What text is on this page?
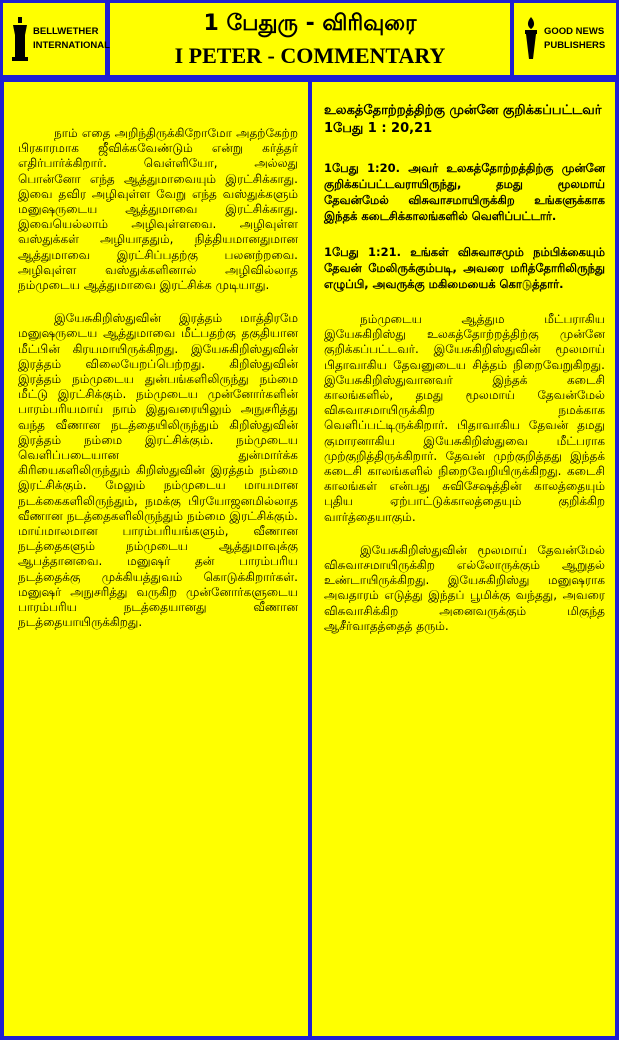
BELLWETHER
INTERNATIONAL
1 பேதுரு - விரிவுரை
I PETER - COMMENTARY
GOOD NEWS
PUBLISHERS

நாம் எதை அறிந்திருக்கிறோமோ அதற்கேற்ற பிரகாரமாக ஜீவிக்கவேண்டும் என்று கர்த்தர் எதிர்பார்க்கிறார். வெள்ளியோ, அல்லது பொன்னோ எந்த ஆத்துமாவையும் இரட்சிக்காது. இவை தவிர அழிவுள்ள வேறு எந்த வஸ்துக்களும் மனுஷருடைய ஆத்துமாவை இரட்சிக்காது. இவையெல்லாம் அழிவுள்ளவை. அழிவுள்ள வஸ்துக்கள் அழியாததும், நித்தியமானதுமான ஆத்துமாவை இரட்சிப்பதற்கு பலனற்றவை. அழிவுள்ள வஸ்துக்களினால் அழிவில்லாத நம்முடைய ஆத்துமாவை இரட்சிக்க முடியாது.

இயேசுகிறிஸ்துவின் இரத்தம் மாத்திரமே மனுஷருடைய ஆத்துமாவை மீட்பதற்கு தகுதியான மீட்பின் கிரயமாயிருக்கிறது. இயேசுகிறிஸ்துவின் இரத்தம் விலையேறப்பெற்றது. கிறிஸ்துவின் இரத்தம் நம்முடைய துன்பங்களிலிருந்து நம்மை மீட்டு இரட்சிக்கும். நம்முடைய முன்னோர்களின் பாரம்பரியமாய் நாம் இதுவரையிலும் அநுசரித்து வந்த வீணான நடத்தையிலிருந்தும் கிறிஸ்துவின் இரத்தம் நம்மை இரட்சிக்கும். நம்முடைய வெளிப்படையான துன்மார்க்க கிரியைகளிலிருந்தும் கிறிஸ்துவின் இரத்தம் நம்மை இரட்சிக்கும். மேலும் நம்முடைய மாயமான நடக்கைகளிலிருந்தும், நமக்கு பிரயோஜனமில்லாத வீணான நடத்தைகளிலிருந்தும் நம்மை இரட்சிக்கும். மாய்மாலமான பாரம்பரியங்களும், வீணான நடத்தைகளும் நம்முடைய ஆத்துமாவுக்கு ஆபத்தானவை. மனுஷர் தன் பாரம்பரிய நடத்தைக்கு முக்கியத்துவம் கொடுக்கிறார்கள். மனுஷர் அநுசரித்து வருகிற முன்னோர்களுடைய பாரம்பரிய நடத்தையானது வீணான நடத்தையாயிருக்கிறது.

உலகத்தோற்றத்திற்கு முன்னே குறிக்கப்பட்டவர்
1பேது 1 : 20,21

1பேது 1:20. அவர் உலகத்தோற்றத்திற்கு முன்னே குறிக்கப்பட்டவராயிருந்து, தமது மூலமாய் தேவன்மேல் விசுவாசமாயிருக்கிற உங்களுக்காக இந்தக் கடைசிக்காலங்களில் வெளிப்பட்டார்.

1பேது 1:21. உங்கள் விசுவாசமும் நம்பிக்கையும் தேவன் மேலிருக்கும்படி, அவரை மரித்தோரிலிருந்து எழுப்பி, அவருக்கு மகிமையைக் கொடுத்தார்.

நம்முடைய ஆத்தும மீட்பராகிய இயேசுகிறிஸ்து உலகத்தோற்றத்திற்கு முன்னே குறிக்கப்பட்டவர். இயேசுகிறிஸ்துவின் மூலமாய் பிதாவாகிய தேவனுடைய சித்தம் நிறைவேறுகிறது. இயேசுகிறிஸ்துவானவர் இந்தக் கடைசி காலங்களில், தமது மூலமாய் தேவன்மேல் விசுவாசமாயிருக்கிற நமக்காக வெளிப்பட்டிருக்கிறார். பிதாவாகிய தேவன் தமது குமாரனாகிய இயேசுகிறிஸ்துவை மீட்பராக முற்குறித்திருக்கிறார். தேவன் முற்குறித்தது இந்தக் கடைசி காலங்களில் நிறைவேறியிருக்கிறது. கடைசி காலங்கள் என்பது சுவிசேஷத்தின் காலத்தையும் புதிய ஏற்பாட்டுக்காலத்தையும் குறிக்கிற வார்த்தையாகும்.

இயேசுகிறிஸ்துவின் மூலமாய் தேவன்மேல் விசுவாசமாயிருக்கிற எல்லோருக்கும் ஆறுதல் உண்டாயிருக்கிறது. இயேசுகிறிஸ்து மனுஷராக அவதாரம் எடுத்து இந்தப் பூமிக்கு வந்தது, அவரை விசுவாசிக்கிற அனைவருக்கும் மிகுந்த ஆசீர்வாதத்தைத் தரும்.
